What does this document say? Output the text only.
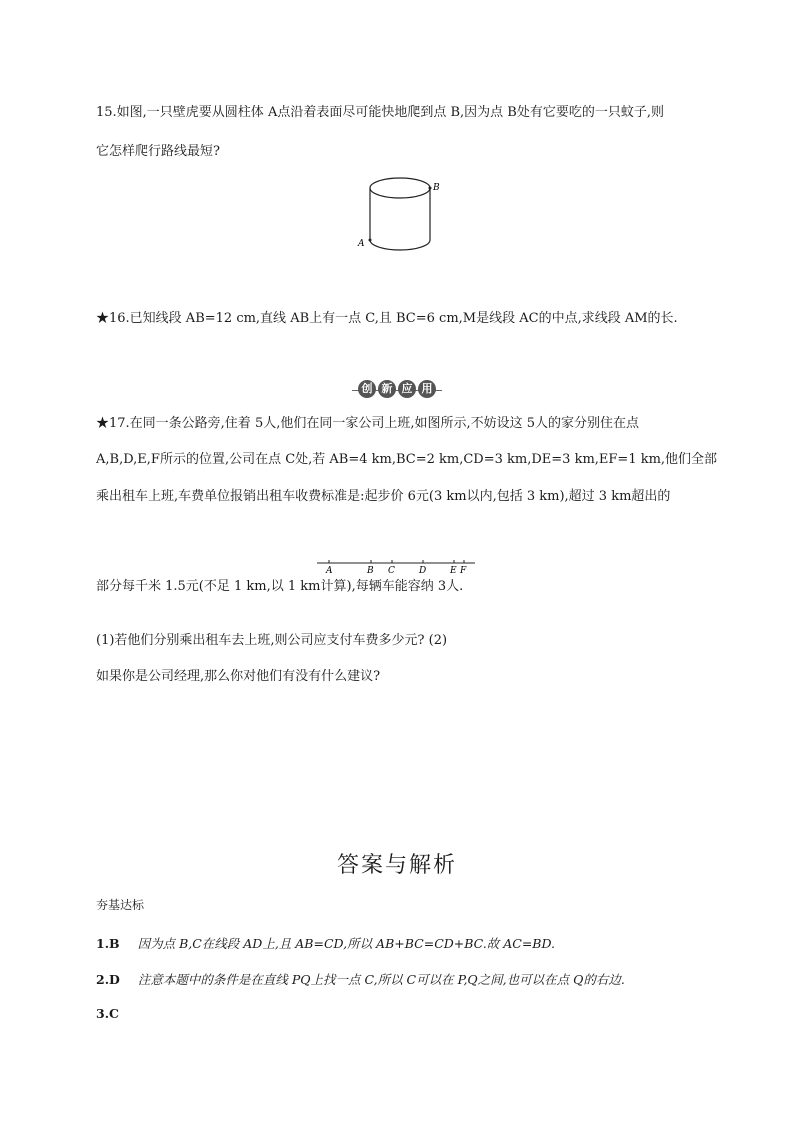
15.如图,一只壁虎要从圆柱体 A点沿着表面尽可能快地爬到点 B,因为点 B处有它要吃的一只蚊子,则
它怎样爬行路线最短?
B
A
★16.已知线段 AB=12 cm,直线 AB上有一点 C,且 BC=6 cm,M是线段 AC的中点,求线段 AM的长.
创 新 应 用
★17.在同一条公路旁,住着 5人,他们在同一家公司上班,如图所示,不妨设这 5人的家分别住在点
A,B,D,E,F所示的位置,公司在点 C处,若 AB=4 km,BC=2 km,CD=3 km,DE=3 km,EF=1 km,他们全部
乘出租车上班,车费单位报销出租车收费标准是:起步价 6元(3 km以内,包括 3 km),超过 3 km超出的
A	B C	D	E F
部分每千米 1.5元(不足 1 km,以 1 km计算),每辆车能容纳 3人.
(1)若他们分别乘出租车去上班,则公司应支付车费多少元? (2)
如果你是公司经理,那么你对他们有没有什么建议?
答案与解析
夯基达标
1.B 因为点 B,C在线段 AD上,且 AB=CD,所以 AB+BC=CD+BC.故 AC=BD.
2.D 注意本题中的条件是在直线 PQ上找一点 C,所以 C可以在 P,Q之间,也可以在点 Q的右边.
3.C
